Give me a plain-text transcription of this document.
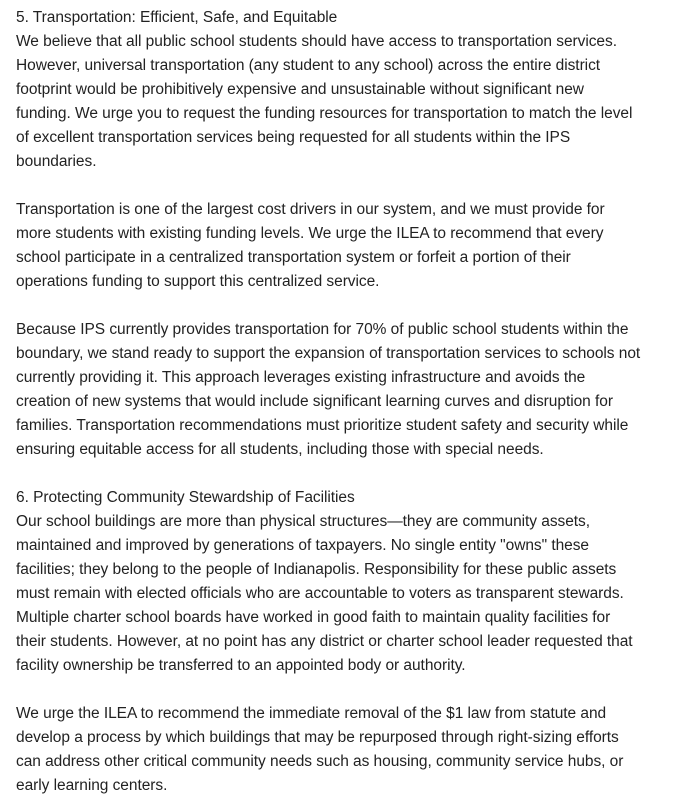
5. Transportation: Efficient, Safe, and Equitable

We believe that all public school students should have access to transportation services.
However, universal transportation (any student to any school) across the entire district
footprint would be prohibitively expensive and unsustainable without significant new
funding. We urge you to request the funding resources for transportation to match the level
of excellent transportation services being requested for all students within the IPS
boundaries.

Transportation is one of the largest cost drivers in our system, and we must provide for
more students with existing funding levels. We urge the ILEA to recommend that every
school participate in a centralized transportation system or forfeit a portion of their
operations funding to support this centralized service.

Because IPS currently provides transportation for 70% of public school students within the
boundary, we stand ready to support the expansion of transportation services to schools not
currently providing it. This approach leverages existing infrastructure and avoids the
creation of new systems that would include significant learning curves and disruption for
families. Transportation recommendations must prioritize student safety and security while
ensuring equitable access for all students, including those with special needs.

6. Protecting Community Stewardship of Facilities

Our school buildings are more than physical structures—they are community assets,
maintained and improved by generations of taxpayers. No single entity "owns" these
facilities; they belong to the people of Indianapolis. Responsibility for these public assets
must remain with elected officials who are accountable to voters as transparent stewards.
Multiple charter school boards have worked in good faith to maintain quality facilities for
their students. However, at no point has any district or charter school leader requested that
facility ownership be transferred to an appointed body or authority.

We urge the ILEA to recommend the immediate removal of the $1 law from statute and
develop a process by which buildings that may be repurposed through right-sizing efforts
can address other critical community needs such as housing, community service hubs, or
early learning centers.
